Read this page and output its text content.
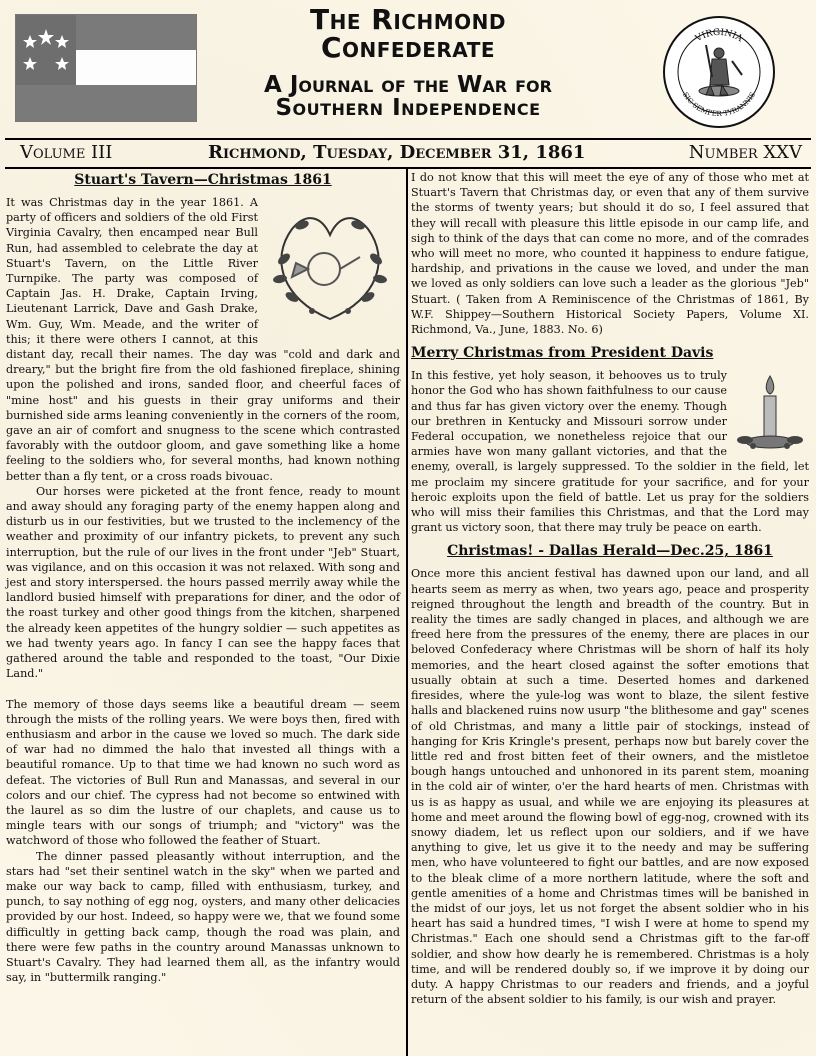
The Richmond
Confederate
A Journal of the War for
Southern Independence
VIRGINIA
SIC SEMPER TYRANNIS
Volume III	Richmond, Tuesday, December 31, 1861	Number XXV
Stuart's Tavern—Christmas 1861

It was Christmas day in the year 1861. A party of officers and soldiers of the old First Virginia Cavalry, then encamped near Bull Run, had assembled to celebrate the day at Stuart's Tavern, on the Little River Turnpike. The party was composed of Captain Jas. H. Drake, Captain Irving, Lieutenant Larrick, Dave and Gash Drake, Wm. Guy, Wm. Meade, and the writer of this; it there were others I cannot, at this distant day, recall their names. The day was "cold and dark and dreary," but the bright fire from the old fashioned fireplace, shining upon the polished and irons, sanded floor, and cheerful faces of "mine host" and his guests in their gray uniforms and their burnished side arms leaning conveniently in the corners of the room, gave an air of comfort and snugness to the scene which contrasted favorably with the outdoor gloom, and gave something like a home feeling to the soldiers who, for several months, had known nothing better than a fly tent, or a cross roads bivouac.

Our horses were picketed at the front fence, ready to mount and away should any foraging party of the enemy happen along and disturb us in our festivities, but we trusted to the inclemency of the weather and proximity of our infantry pickets, to prevent any such interruption, but the rule of our lives in the front under "Jeb" Stuart, was vigilance, and on this occasion it was not relaxed. With song and jest and story interspersed. the hours passed merrily away while the landlord busied himself with preparations for diner, and the odor of the roast turkey and other good things from the kitchen, sharpened the already keen appetites of the hungry soldier — such appetites as we had twenty years ago. In fancy I can see the happy faces that gathered around the table and responded to the toast, "Our Dixie Land."

The memory of those days seems like a beautiful dream — seem through the mists of the rolling years. We were boys then, fired with enthusiasm and arbor in the cause we loved so much. The dark side of war had no dimmed the halo that invested all things with a beautiful romance. Up to that time we had known no such word as defeat. The victories of Bull Run and Manassas, and several in our colors and our chief. The cypress had not become so entwined with the laurel as so dim the lustre of our chaplets, and cause us to mingle tears with our songs of triumph; and "victory" was the watchword of those who followed the feather of Stuart.

The dinner passed pleasantly without interruption, and the stars had "set their sentinel watch in the sky" when we parted and make our way back to camp, filled with enthusiasm, turkey, and punch, to say nothing of egg nog, oysters, and many other delicacies provided by our host. Indeed, so happy were we, that we found some difficultly in getting back camp, though the road was plain, and there were few paths in the country around Manassas unknown to Stuart's Cavalry. They had learned them all, as the infantry would say, in "buttermilk ranging."

I do not know that this will meet the eye of any of those who met at Stuart's Tavern that Christmas day, or even that any of them survive the storms of twenty years; but should it do so, I feel assured that they will recall with pleasure this little episode in our camp life, and sigh to think of the days that can come no more, and of the comrades who will meet no more, who counted it happiness to endure fatigue, hardship, and privations in the cause we loved, and under the man we loved as only soldiers can love such a leader as the glorious "Jeb" Stuart. ( Taken from A Reminiscence of the Christmas of 1861, By W.F. Shippey—Southern Historical Society Papers, Volume XI. Richmond, Va., June, 1883. No. 6)

Merry Christmas from President Davis

In this festive, yet holy season, it behooves us to truly honor the God who has shown faithfulness to our cause and thus far has given victory over the enemy. Though our brethren in Kentucky and Missouri sorrow under Federal occupation, we nonetheless rejoice that our armies have won many gallant victories, and that the enemy, overall, is largely suppressed. To the soldier in the field, let me proclaim my sincere gratitude for your sacrifice, and for your heroic exploits upon the field of battle. Let us pray for the soldiers who will miss their families this Christmas, and that the Lord may grant us victory soon, that there may truly be peace on earth.

Christmas! - Dallas Herald—Dec.25, 1861

Once more this ancient festival has dawned upon our land, and all hearts seem as merry as when, two years ago, peace and prosperity reigned throughout the length and breadth of the country. But in reality the times are sadly changed in places, and although we are freed here from the pressures of the enemy, there are places in our beloved Confederacy where Christmas will be shorn of half its holy memories, and the heart closed against the softer emotions that usually obtain at such a time. Deserted homes and darkened firesides, where the yule-log was wont to blaze, the silent festive halls and blackened ruins now usurp "the blithesome and gay" scenes of old Christmas, and many a little pair of stockings, instead of hanging for Kris Kringle's present, perhaps now but barely cover the little red and frost bitten feet of their owners, and the mistletoe bough hangs untouched and unhonored in its parent stem, moaning in the cold air of winter, o'er the hard hearts of men. Christmas with us is as happy as usual, and while we are enjoying its pleasures at home and meet around the flowing bowl of egg-nog, crowned with its snowy diadem, let us reflect upon our soldiers, and if we have anything to give, let us give it to the needy and may be suffering men, who have volunteered to fight our battles, and are now exposed to the bleak clime of a more northern latitude, where the soft and gentle amenities of a home and Christmas times will be banished in the midst of our joys, let us not forget the absent soldier who in his heart has said a hundred times, "I wish I were at home to spend my Christmas." Each one should send a Christmas gift to the far-off soldier, and show how dearly he is remembered. Christmas is a holy time, and will be rendered doubly so, if we improve it by doing our duty. A happy Christmas to our readers and friends, and a joyful return of the absent soldier to his family, is our wish and prayer.
